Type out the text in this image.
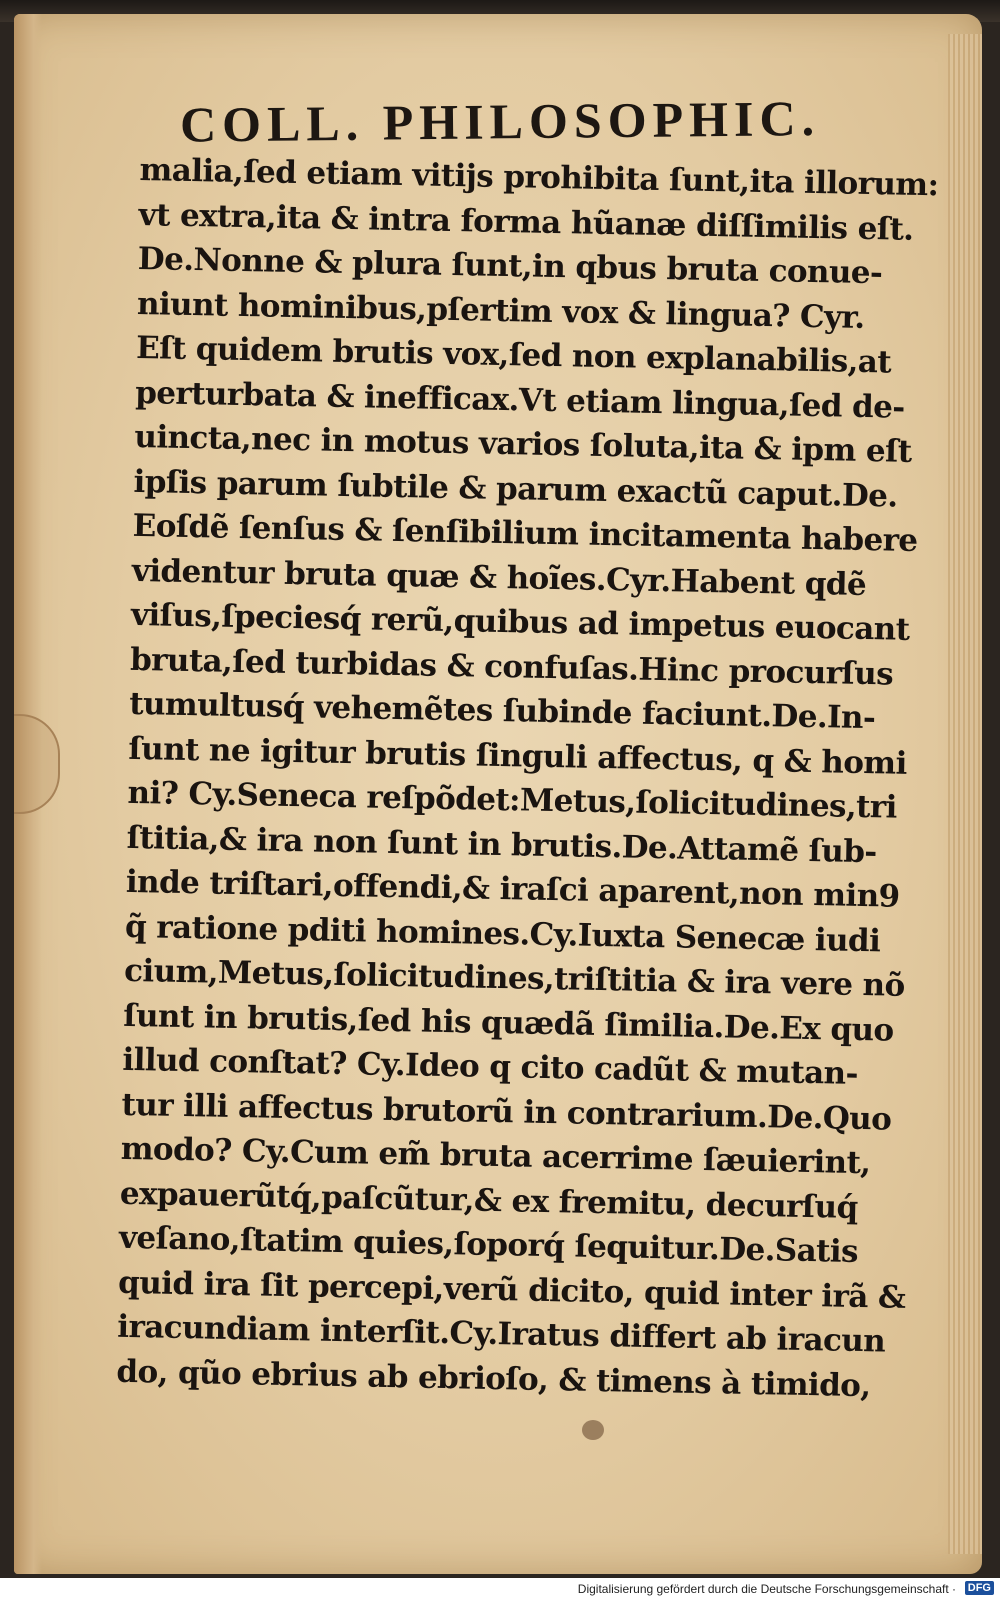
COLL. PHILOSOPHIC.
malia,ſed etiam vitijs prohibita ſunt,ita illorum:
vt extra,ita & intra forma hũanæ diſſimilis eſt.
De.Nonne & plura ſunt,in qbus bruta conue-
niunt hominibus,pſertim vox & lingua? Cyr.
Eſt quidem brutis vox,ſed non explanabilis,at
perturbata & inefficax.Vt etiam lingua,ſed de-
uincta,nec in motus varios ſoluta,ita & ipm eſt
ipſis parum ſubtile & parum exactũ caput.De.
Eoſdẽ ſenſus & ſenſibilium incitamenta habere
videntur bruta quæ & hoĩes.Cyr.Habent qdẽ
viſus,ſpeciesq́ rerũ,quibus ad impetus euocant
bruta,ſed turbidas & confuſas.Hinc procurſus
tumultusq́ vehemẽtes ſubinde faciunt.De.In-
ſunt ne igitur brutis ſinguli affectus, q & homi
ni? Cy.Seneca reſpõdet:Metus,ſolicitudines,tri
ſtitia,& ira non ſunt in brutis.De.Attamẽ ſub-
inde triſtari,offendi,& iraſci aparent,non min9
q̃ ratione pditi homines.Cy.Iuxta Senecæ iudi
cium,Metus,ſolicitudines,triſtitia & ira vere nõ
ſunt in brutis,ſed his quædã ſimilia.De.Ex quo
illud conſtat? Cy.Ideo q cito cadũt & mutan-
tur illi affectus brutorũ in contrarium.De.Quo
modo? Cy.Cum em̃ bruta acerrime ſæuierint,
expauerũtq́,paſcũtur,& ex fremitu, decurſuq́
veſano,ſtatim quies,ſoporq́ ſequitur.De.Satis
quid ira ſit percepi,verũ dicito, quid inter irã &
iracundiam interſit.Cy.Iratus differt ab iracun
do, qũo ebrius ab ebrioſo, & timens à timido,
Digitalisierung gefördert durch die Deutsche Forschungsgemeinschaft · DFG
